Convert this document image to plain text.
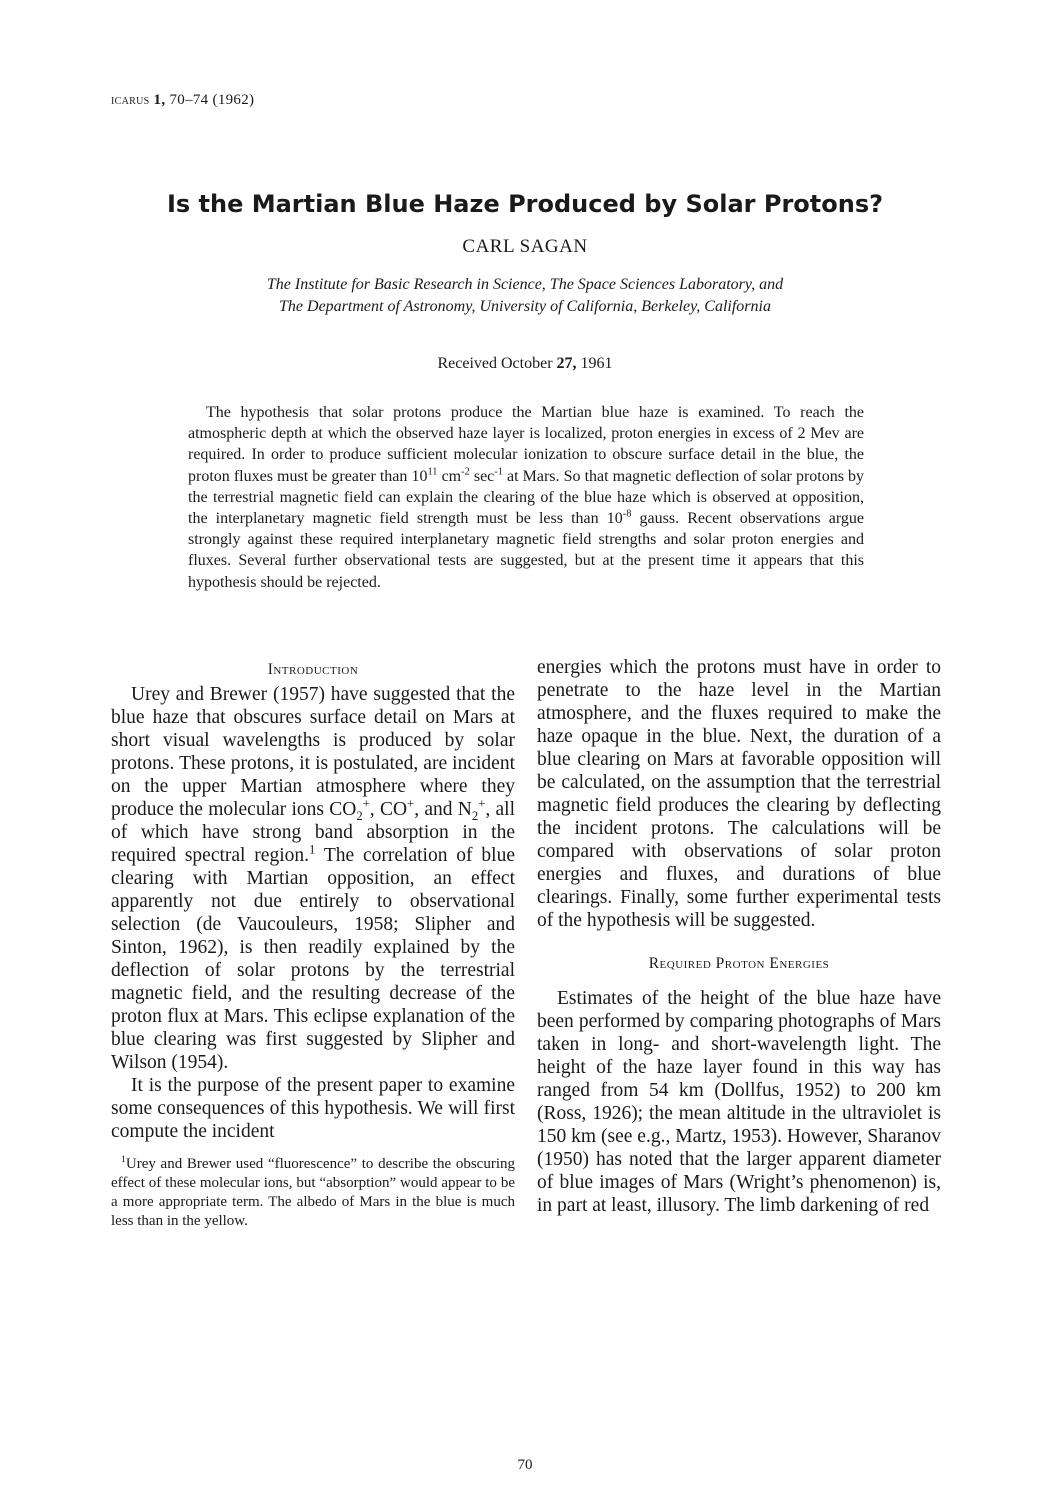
icarus 1, 70–74 (1962)
Is the Martian Blue Haze Produced by Solar Protons?
CARL SAGAN
The Institute for Basic Research in Science, The Space Sciences Laboratory, and
The Department of Astronomy, University of California, Berkeley, California
Received October 27, 1961
The hypothesis that solar protons produce the Martian blue haze is examined. To reach the atmospheric depth at which the observed haze layer is localized, proton energies in excess of 2 Mev are required. In order to produce sufficient molecular ionization to obscure surface detail in the blue, the proton fluxes must be greater than $10^{11}$ $cm^{-2}$ $\sec^{-1}$ at Mars. So that magnetic deflection of solar protons by the terrestrial magnetic field can explain the clearing of the blue haze which is observed at opposition, the interplanetary magnetic field strength must be less than $10^{-8}$ gauss. Recent observations argue strongly against these required interplanetary magnetic field strengths and solar proton energies and fluxes. Several further observational tests are suggested, but at the present time it appears that this hypothesis should be rejected.
Introduction

Urey and Brewer (1957) have suggested that the blue haze that obscures surface detail on Mars at short visual wavelengths is produced by solar protons. These protons, it is postulated, are incident on the upper Martian atmosphere where they produce the molecular ions $CO_2^+$, CO+, and $N_2^+$, all of which have strong band absorption in the required spectral region.$^1$ The correlation of blue clearing with Martian opposition, an effect apparently not due entirely to observational selection (de Vaucouleurs, 1958; Slipher and Sinton, 1962), is then readily explained by the deflection of solar protons by the terrestrial magnetic field, and the resulting decrease of the proton flux at Mars. This eclipse explanation of the blue clearing was first suggested by Slipher and Wilson (1954).

It is the purpose of the present paper to examine some consequences of this hypothesis. We will first compute the incident

$^1$Urey and Brewer used “fluorescence” to describe the obscuring effect of these molecular ions, but “absorption” would appear to be a more appropriate term. The albedo of Mars in the blue is much less than in the yellow.

energies which the protons must have in order to penetrate to the haze level in the Martian atmosphere, and the fluxes required to make the haze opaque in the blue. Next, the duration of a blue clearing on Mars at favorable opposition will be calculated, on the assumption that the terrestrial magnetic field produces the clearing by deflecting the incident protons. The calculations will be compared with observations of solar proton energies and fluxes, and durations of blue clearings. Finally, some further experimental tests of the hypothesis will be suggested.

Required Proton Energies

Estimates of the height of the blue haze have been performed by comparing photographs of Mars taken in long- and short-wavelength light. The height of the haze layer found in this way has ranged from 54 km (Dollfus, 1952) to 200 km (Ross, 1926); the mean altitude in the ultraviolet is 150 km (see e.g., Martz, 1953). However, Sharanov (1950) has noted that the larger apparent diameter of blue images of Mars (Wright’s phenomenon) is, in part at least, illusory. The limb darkening of red

70
